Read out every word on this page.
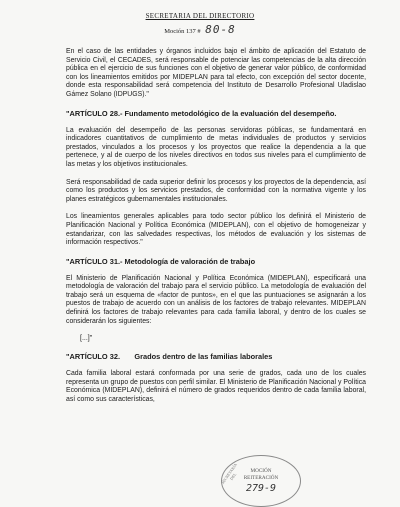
SECRETARIA DEL DIRECTORIO
Moción 137 # 80-8

En el caso de las entidades y órganos incluidos bajo el ámbito de aplicación del Estatuto de Servicio Civil, el CECADES, será responsable de potenciar las competencias de la alta dirección pública en el ejercicio de sus funciones con el objetivo de generar valor público, de conformidad con los lineamientos emitidos por MIDEPLAN para tal efecto, con excepción del sector docente, donde esta responsabilidad será competencia del Instituto de Desarrollo Profesional Uladislao Gámez Solano (IDPUGS)."

"ARTÍCULO 28.- Fundamento metodológico de la evaluación del desempeño.

La evaluación del desempeño de las personas servidoras públicas, se fundamentará en indicadores cuantitativos de cumplimiento de metas individuales de productos y servicios prestados, vinculados a los procesos y los proyectos que realice la dependencia a la que pertenece, y al de cuerpo de los niveles directivos en todos sus niveles para el cumplimiento de las metas y los objetivos institucionales.

Será responsabilidad de cada superior definir los procesos y los proyectos de la dependencia, así como los productos y los servicios prestados, de conformidad con la normativa vigente y los planes estratégicos gubernamentales institucionales.

Los lineamientos generales aplicables para todo sector público los definirá el Ministerio de Planificación Nacional y Política Económica (MIDEPLAN), con el objetivo de homogeneizar y estandarizar, con las salvedades respectivas, los métodos de evaluación y los sistemas de información respectivos."

"ARTÍCULO 31.- Metodología de valoración de trabajo

El Ministerio de Planificación Nacional y Política Económica (MIDEPLAN), especificará una metodología de valoración del trabajo para el servicio público. La metodología de evaluación del trabajo será un esquema de «factor de puntos», en el que las puntuaciones se asignarán a los puestos de trabajo de acuerdo con un análisis de los factores de trabajo relevantes. MIDEPLAN definirá los factores de trabajo relevantes para cada familia laboral, y dentro de los cuales se considerarán los siguientes:

[...]"
"ARTÍCULO 32.       Grados dentro de las familias laborales

Cada familia laboral estará conformada por una serie de grados, cada uno de los cuales representa un grupo de puestos con perfil similar. El Ministerio de Planificación Nacional y Política Económica (MIDEPLAN), definirá el número de grados requeridos dentro de cada familia laboral, así como sus características,

SECRETARÍA DEL
MOCIÓN
REITERACIÓN
279-9
